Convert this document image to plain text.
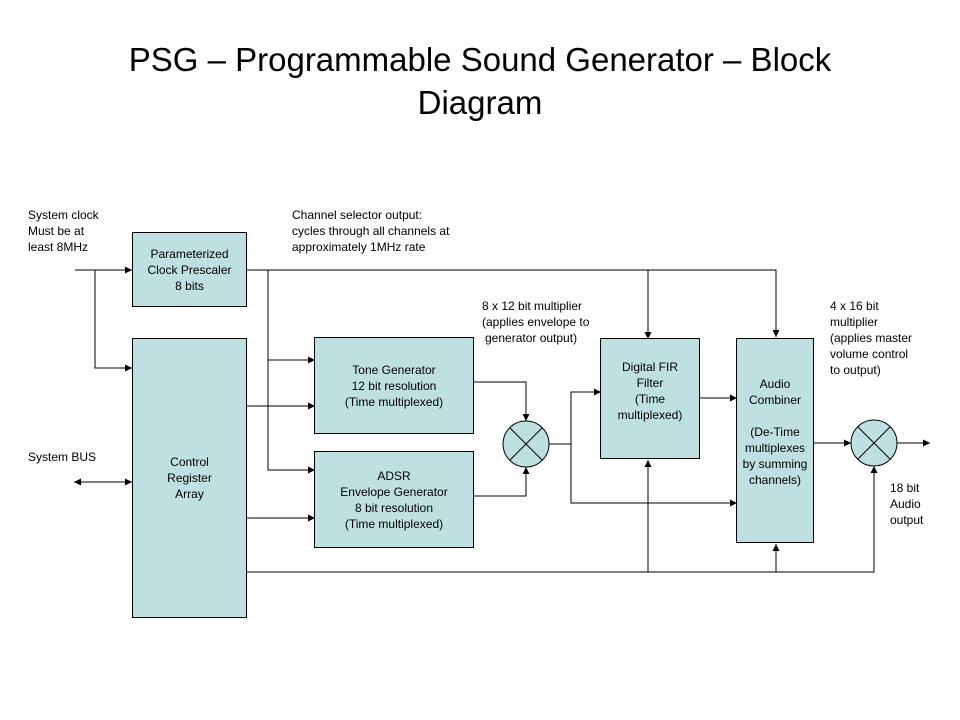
PSG – Programmable Sound Generator – Block
Diagram
Parameterized
Clock Prescaler
8 bits
Control
Register
Array
Tone Generator
12 bit resolution
(Time multiplexed)
ADSR
Envelope Generator
8 bit resolution
(Time multiplexed)
Digital FIR
Filter
(Time
multiplexed)
Audio
Combiner
(De-Time
multiplexes
by summing
channels)
System clock
Must be at
least 8MHz
Channel selector output:
cycles through all channels at
approximately 1MHz rate
8 x 12 bit multiplier
(applies envelope to
generator output)
4 x 16 bit
multiplier
(applies master
volume control
to output)
System BUS
18 bit
Audio
output
